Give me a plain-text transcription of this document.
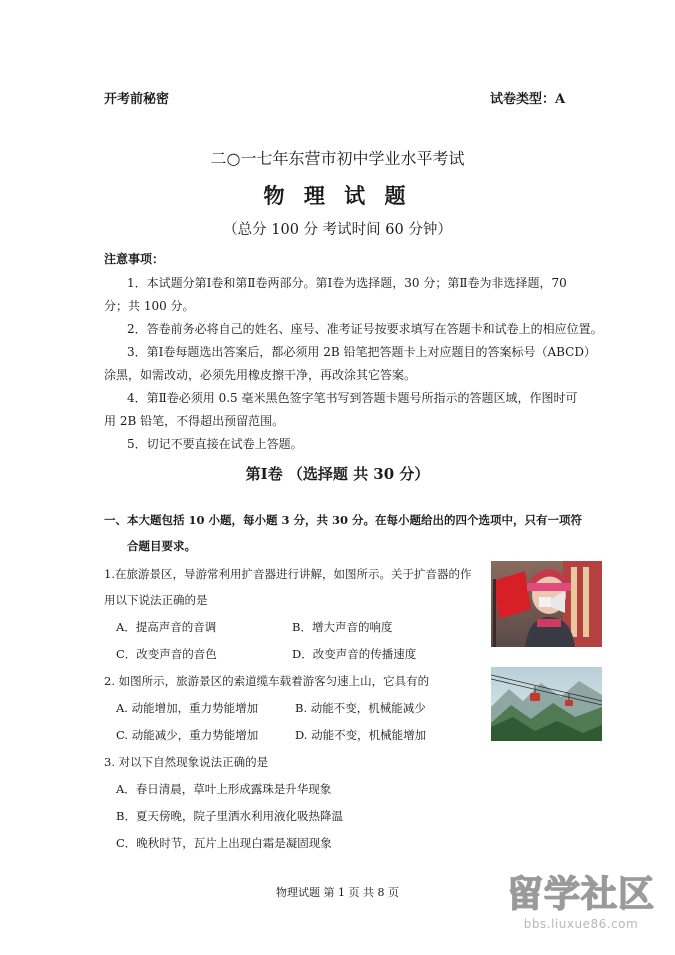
开考前秘密	试卷类型：A
二○一七年东营市初中学业水平考试
物 理 试 题
（总分 100 分 考试时间 60 分钟）
注意事项：
1．本试题分第Ⅰ卷和第Ⅱ卷两部分。第Ⅰ卷为选择题，30 分；第Ⅱ卷为非选择题，70
分；共 100 分。
2．答卷前务必将自己的姓名、座号、准考证号按要求填写在答题卡和试卷上的相应位置。
3．第Ⅰ卷每题选出答案后，都必须用 2B 铅笔把答题卡上对应题目的答案标号（ABCD）
涂黑，如需改动，必须先用橡皮擦干净，再改涂其它答案。
4．第Ⅱ卷必须用 0.5 毫米黑色签字笔书写到答题卡题号所指示的答题区域，作图时可
用 2B 铅笔，不得超出预留范围。
5．切记不要直接在试卷上答题。
第Ⅰ卷 （选择题 共 30 分）
一、本大题包括 10 小题，每小题 3 分，共 30 分。在每小题给出的四个选项中，只有一项符
合题目要求。
1.在旅游景区，导游常利用扩音器进行讲解，如图所示。关于扩音器的作
用以下说法正确的是
A．提高声音的音调	B．增大声音的响度
C．改变声音的音色	D．改变声音的传播速度
2. 如图所示，旅游景区的索道缆车载着游客匀速上山，它具有的
A. 动能增加，重力势能增加	B. 动能不变，机械能减少
C. 动能减少，重力势能增加	D. 动能不变，机械能增加
3. 对以下自然现象说法正确的是
A．春日清晨，草叶上形成露珠是升华现象
B．夏天傍晚，院子里洒水利用液化吸热降温
C．晚秋时节，瓦片上出现白霜是凝固现象
物理试题 第 1 页 共 8 页	留学社区
bbs.liuxue86.com
